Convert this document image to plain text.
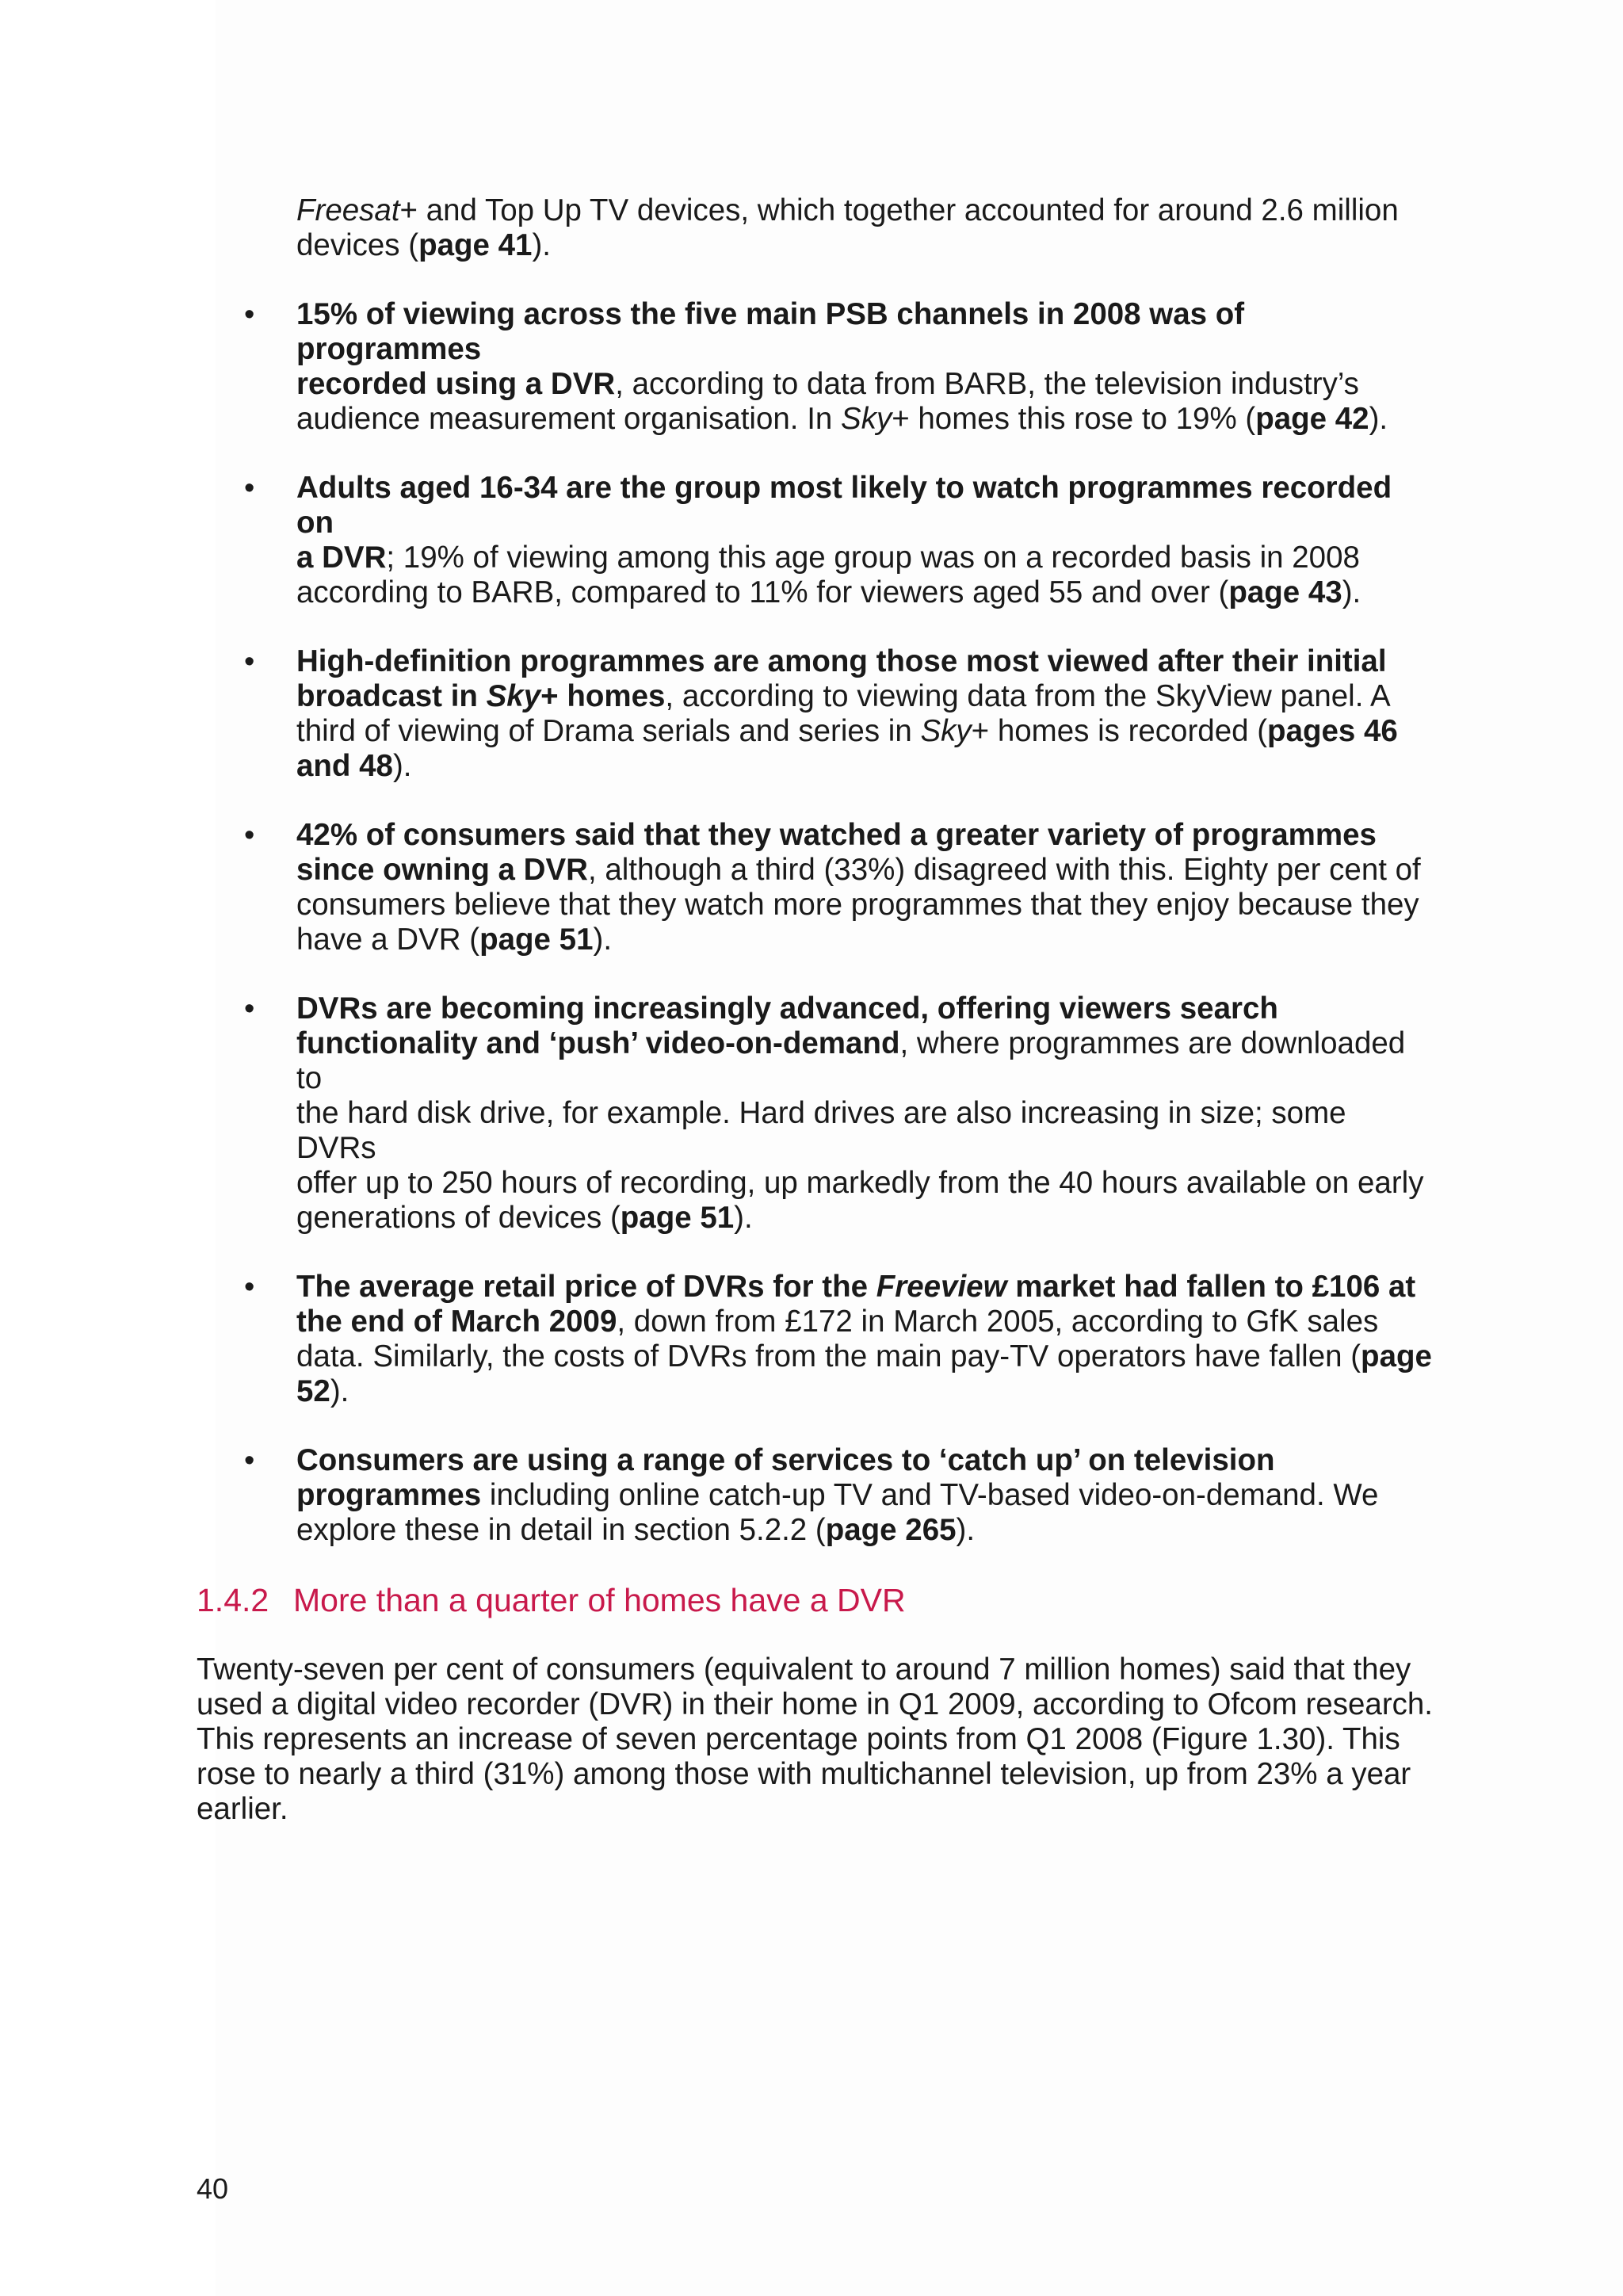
Freesat+ and Top Up TV devices, which together accounted for around 2.6 million
devices (page 41).

• 15% of viewing across the five main PSB channels in 2008 was of programmes
recorded using a DVR, according to data from BARB, the television industry’s
audience measurement organisation. In Sky+ homes this rose to 19% (page 42).
• Adults aged 16-34 are the group most likely to watch programmes recorded on
a DVR; 19% of viewing among this age group was on a recorded basis in 2008
according to BARB, compared to 11% for viewers aged 55 and over (page 43).
• High-definition programmes are among those most viewed after their initial
broadcast in Sky+ homes, according to viewing data from the SkyView panel. A
third of viewing of Drama serials and series in Sky+ homes is recorded (pages 46
and 48).
• 42% of consumers said that they watched a greater variety of programmes
since owning a DVR, although a third (33%) disagreed with this. Eighty per cent of
consumers believe that they watch more programmes that they enjoy because they
have a DVR (page 51).
• DVRs are becoming increasingly advanced, offering viewers search
functionality and ‘push’ video-on-demand, where programmes are downloaded to
the hard disk drive, for example. Hard drives are also increasing in size; some DVRs
offer up to 250 hours of recording, up markedly from the 40 hours available on early
generations of devices (page 51).
• The average retail price of DVRs for the Freeview market had fallen to £106 at
the end of March 2009, down from £172 in March 2005, according to GfK sales
data. Similarly, the costs of DVRs from the main pay-TV operators have fallen (page
52).
• Consumers are using a range of services to ‘catch up’ on television
programmes including online catch-up TV and TV-based video-on-demand. We
explore these in detail in section 5.2.2 (page 265).
1.4.2 More than a quarter of homes have a DVR

Twenty-seven per cent of consumers (equivalent to around 7 million homes) said that they
used a digital video recorder (DVR) in their home in Q1 2009, according to Ofcom research.
This represents an increase of seven percentage points from Q1 2008 (Figure 1.30). This
rose to nearly a third (31%) among those with multichannel television, up from 23% a year
earlier.

40
